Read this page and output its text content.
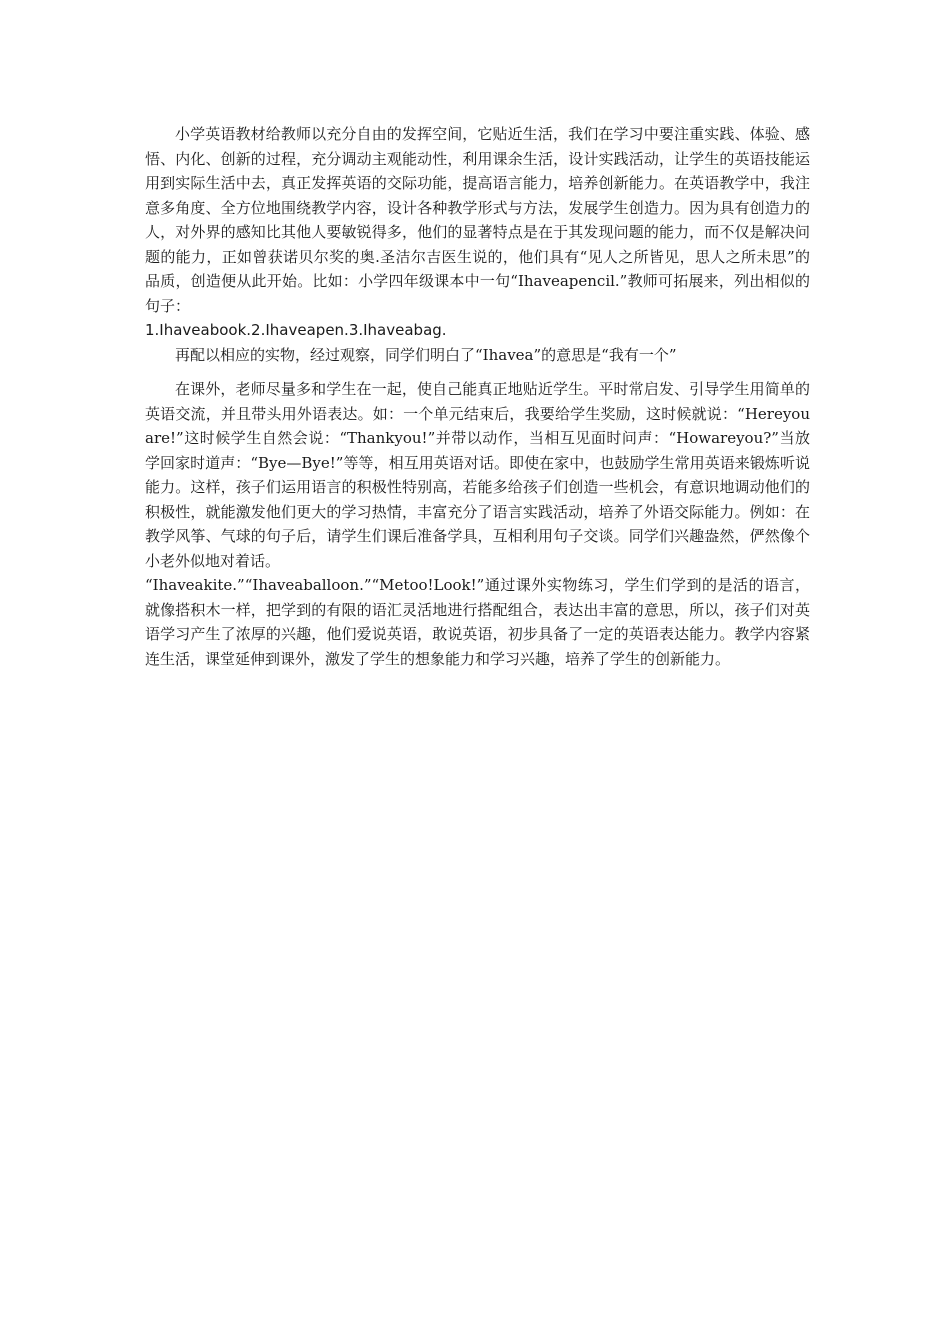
小学英语教材给教师以充分自由的发挥空间，它贴近生活，我们在学习中要注重实践、体验、感悟、内化、创新的过程，充分调动主观能动性，利用课余生活，设计实践活动，让学生的英语技能运用到实际生活中去，真正发挥英语的交际功能，提高语言能力，培养创新能力。在英语教学中，我注意多角度、全方位地围绕教学内容，设计各种教学形式与方法，发展学生创造力。因为具有创造力的人，对外界的感知比其他人要敏锐得多，他们的显著特点是在于其发现问题的能力，而不仅是解决问题的能力，正如曾获诺贝尔奖的奥.圣洁尔吉医生说的，他们具有“见人之所皆见，思人之所未思”的品质，创造便从此开始。比如：小学四年级课本中一句“Ihaveapencil.”教师可拓展来，列出相似的句子：

1.Ihaveabook.2.Ihaveapen.3.Ihaveabag.

再配以相应的实物，经过观察，同学们明白了“Ihavea”的意思是“我有一个”

在课外，老师尽量多和学生在一起，使自己能真正地贴近学生。平时常启发、引导学生用简单的英语交流，并且带头用外语表达。如：一个单元结束后，我要给学生奖励，这时候就说：“Hereyouare!”这时候学生自然会说：“Thankyou!”并带以动作，当相互见面时问声：“Howareyou?”当放学回家时道声：“Bye—Bye!”等等，相互用英语对话。即使在家中，也鼓励学生常用英语来锻炼听说能力。这样，孩子们运用语言的积极性特别高，若能多给孩子们创造一些机会，有意识地调动他们的积极性，就能激发他们更大的学习热情，丰富充分了语言实践活动，培养了外语交际能力。例如：在教学风筝、气球的句子后，请学生们课后准备学具，互相利用句子交谈。同学们兴趣盎然，俨然像个小老外似地对着话。

“Ihaveakite.”“Ihaveaballoon.”“Metoo!Look!”通过课外实物练习，学生们学到的是活的语言，就像搭积木一样，把学到的有限的语汇灵活地进行搭配组合，表达出丰富的意思，所以，孩子们对英语学习产生了浓厚的兴趣，他们爱说英语，敢说英语，初步具备了一定的英语表达能力。教学内容紧连生活，课堂延伸到课外，激发了学生的想象能力和学习兴趣，培养了学生的创新能力。
